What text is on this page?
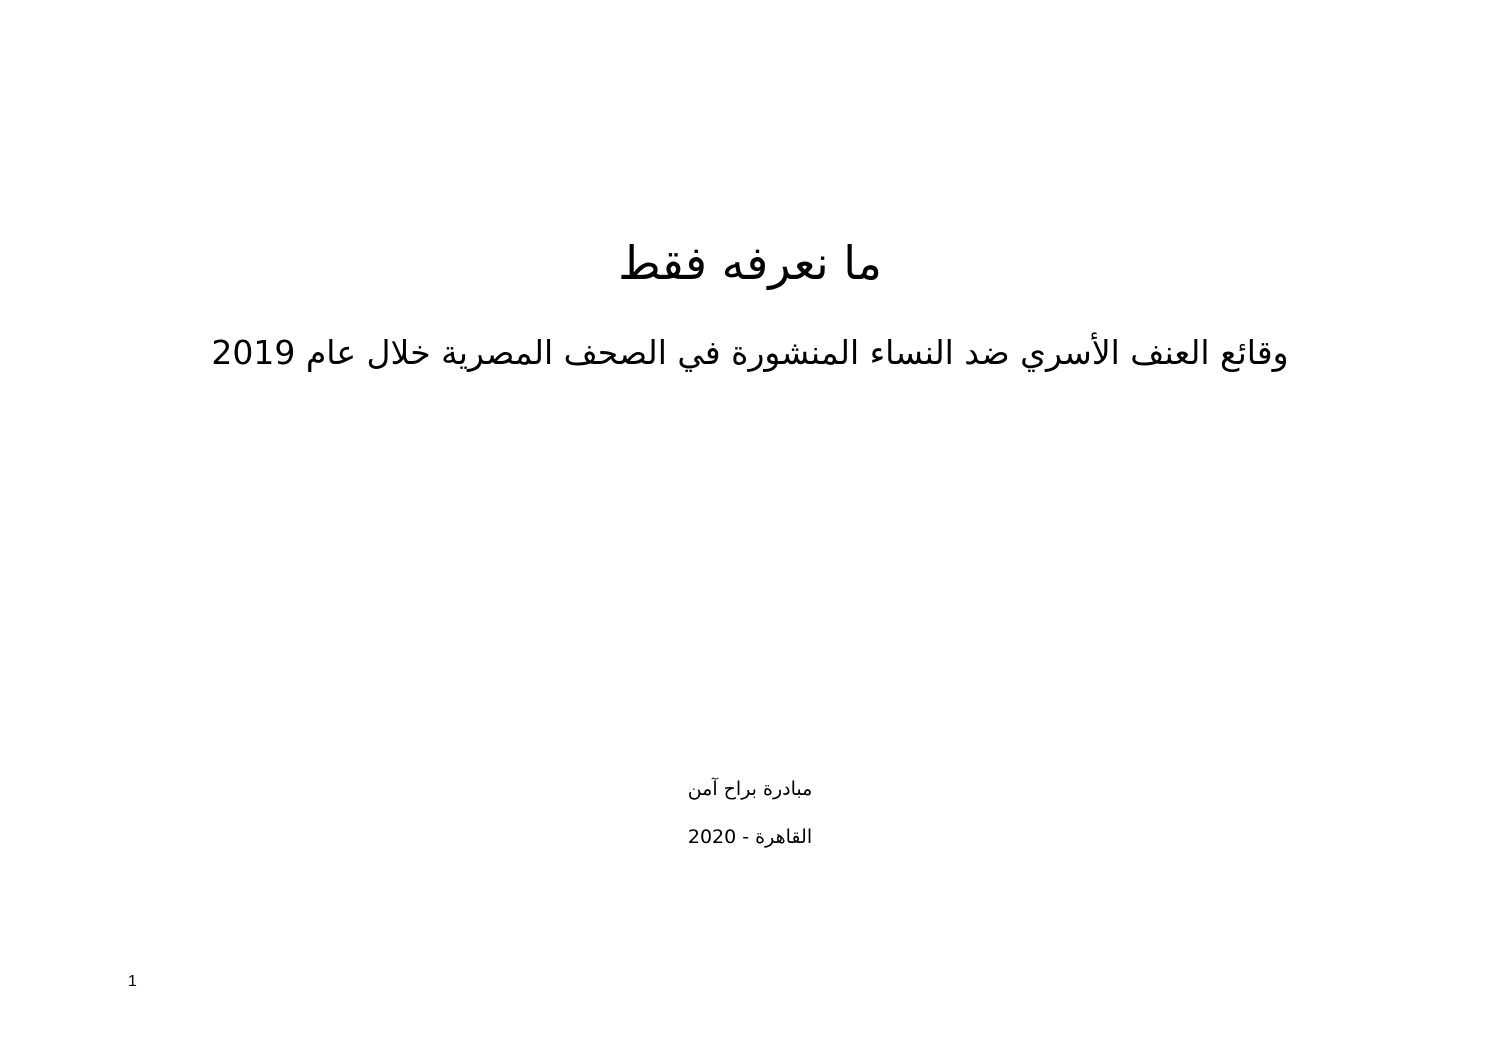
ما نعرفه فقط
وقائع العنف الأسري ضد النساء المنشورة في الصحف المصرية خلال عام 2019
مبادرة براح آمن
القاهرة - 2020
1
